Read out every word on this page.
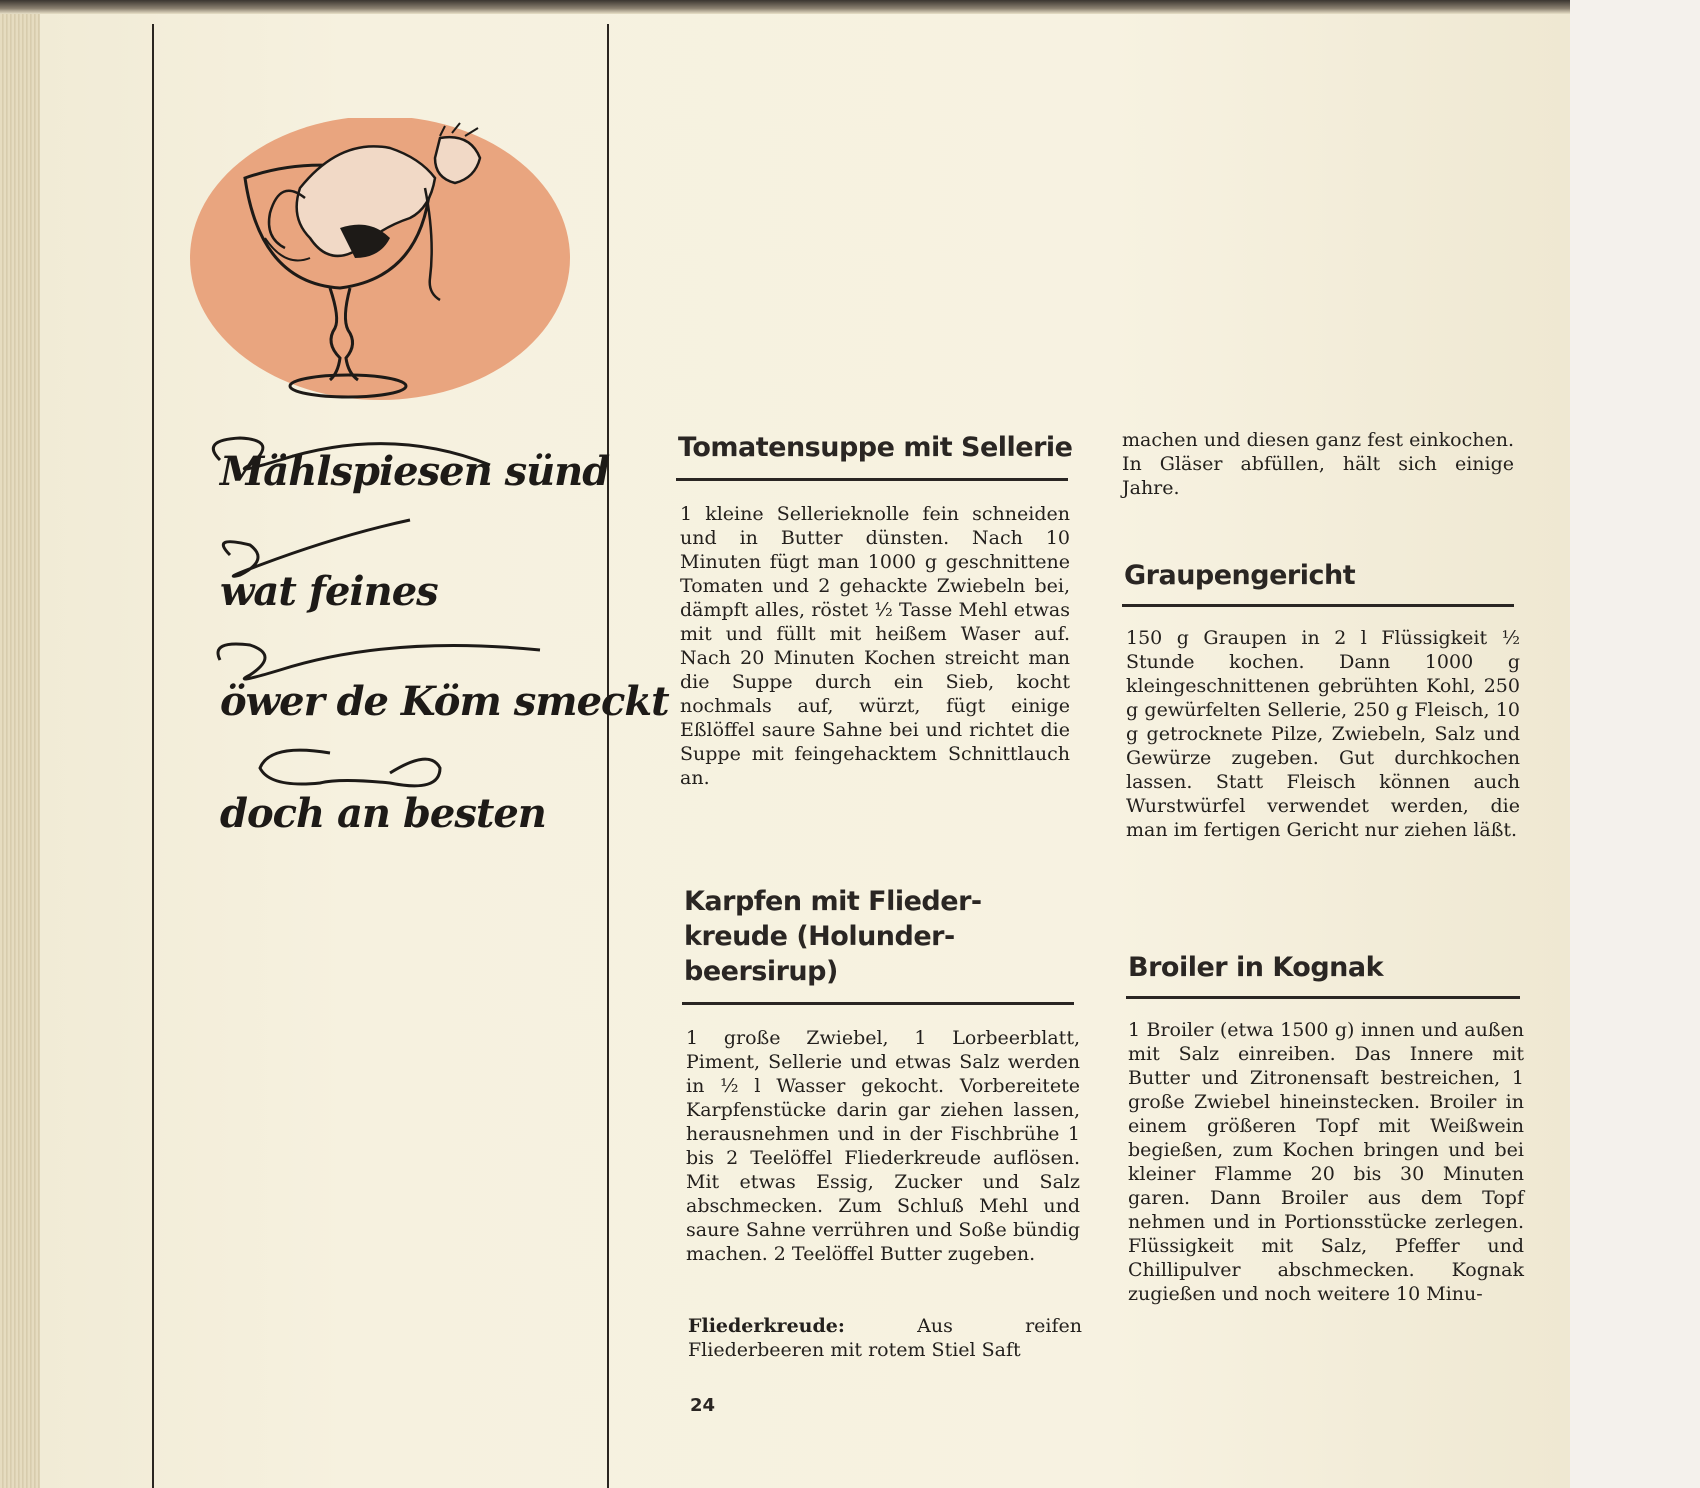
Mählspiesen sünd
wat feines
öwer de Köm smeckt
doch an besten
Tomatensuppe mit Sellerie

1 kleine Sellerieknolle fein schneiden und in Butter dünsten. Nach 10 Minuten fügt man 1000 g geschnittene Tomaten und 2 gehackte Zwiebeln bei, dämpft alles, röstet ½ Tasse Mehl etwas mit und füllt mit heißem Waser auf. Nach 20 Minuten Kochen streicht man die Suppe durch ein Sieb, kocht nochmals auf, würzt, fügt einige Eßlöffel saure Sahne bei und richtet die Suppe mit feingehacktem Schnittlauch an.

Karpfen mit Flieder-
kreude (Holunder-
beersirup)

1 große Zwiebel, 1 Lorbeerblatt, Piment, Sellerie und etwas Salz werden in ½ l Wasser gekocht. Vorbereitete Karpfenstücke darin gar ziehen lassen, herausnehmen und in der Fischbrühe 1 bis 2 Teelöffel Fliederkreude auflösen. Mit etwas Essig, Zucker und Salz abschmecken. Zum Schluß Mehl und saure Sahne verrühren und Soße bündig machen. 2 Teelöffel Butter zugeben.

Fliederkreude:	Aus reifen Fliederbeeren mit rotem Stiel Saft

machen und diesen ganz fest einkochen. In Gläser abfüllen, hält sich einige Jahre.

Graupengericht

150 g Graupen in 2 l Flüssigkeit ½ Stunde kochen. Dann 1000 g kleingeschnittenen gebrühten Kohl, 250 g gewürfelten Sellerie, 250 g Fleisch, 10 g getrocknete Pilze, Zwiebeln, Salz und Gewürze zugeben. Gut durchkochen lassen. Statt Fleisch können auch Wurstwürfel verwendet werden, die man im fertigen Gericht nur ziehen läßt.

Broiler in Kognak

1 Broiler (etwa 1500 g) innen und außen mit Salz einreiben. Das Innere mit Butter und Zitronensaft bestreichen, 1 große Zwiebel hineinstecken. Broiler in einem größeren Topf mit Weißwein begießen, zum Kochen bringen und bei kleiner Flamme 20 bis 30 Minuten garen. Dann Broiler aus dem Topf nehmen und in Portionsstücke zerlegen. Flüssigkeit mit Salz, Pfeffer und Chillipulver abschmecken. Kognak zugießen und noch weitere 10 Minu-

24
